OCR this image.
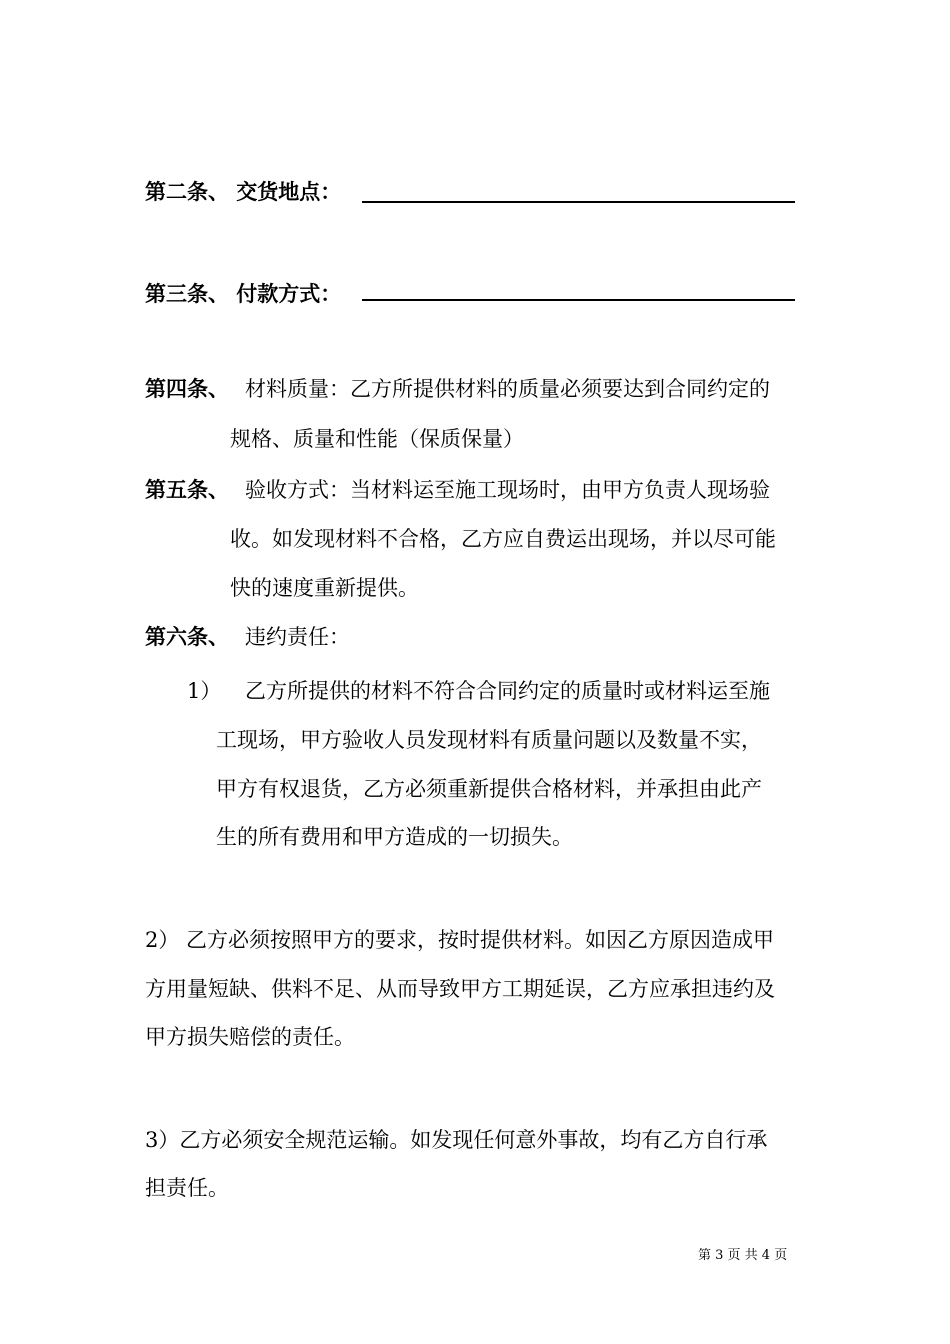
第二条、 交货地点：
第三条、 付款方式：
第四条、 材料质量：乙方所提供材料的质量必须要达到合同约定的
规格、质量和性能（保质保量）
第五条、 验收方式：当材料运至施工现场时，由甲方负责人现场验
收。如发现材料不合格，乙方应自费运出现场，并以尽可能
快的速度重新提供。
第六条、 违约责任：
1） 乙方所提供的材料不符合合同约定的质量时或材料运至施
工现场，甲方验收人员发现材料有质量问题以及数量不实，
甲方有权退货，乙方必须重新提供合格材料，并承担由此产
生的所有费用和甲方造成的一切损失。
2） 乙方必须按照甲方的要求，按时提供材料。如因乙方原因造成甲
方用量短缺、供料不足、从而导致甲方工期延误，乙方应承担违约及
甲方损失赔偿的责任。
3）乙方必须安全规范运输。如发现任何意外事故，均有乙方自行承
担责任。
第 3 页 共 4 页
